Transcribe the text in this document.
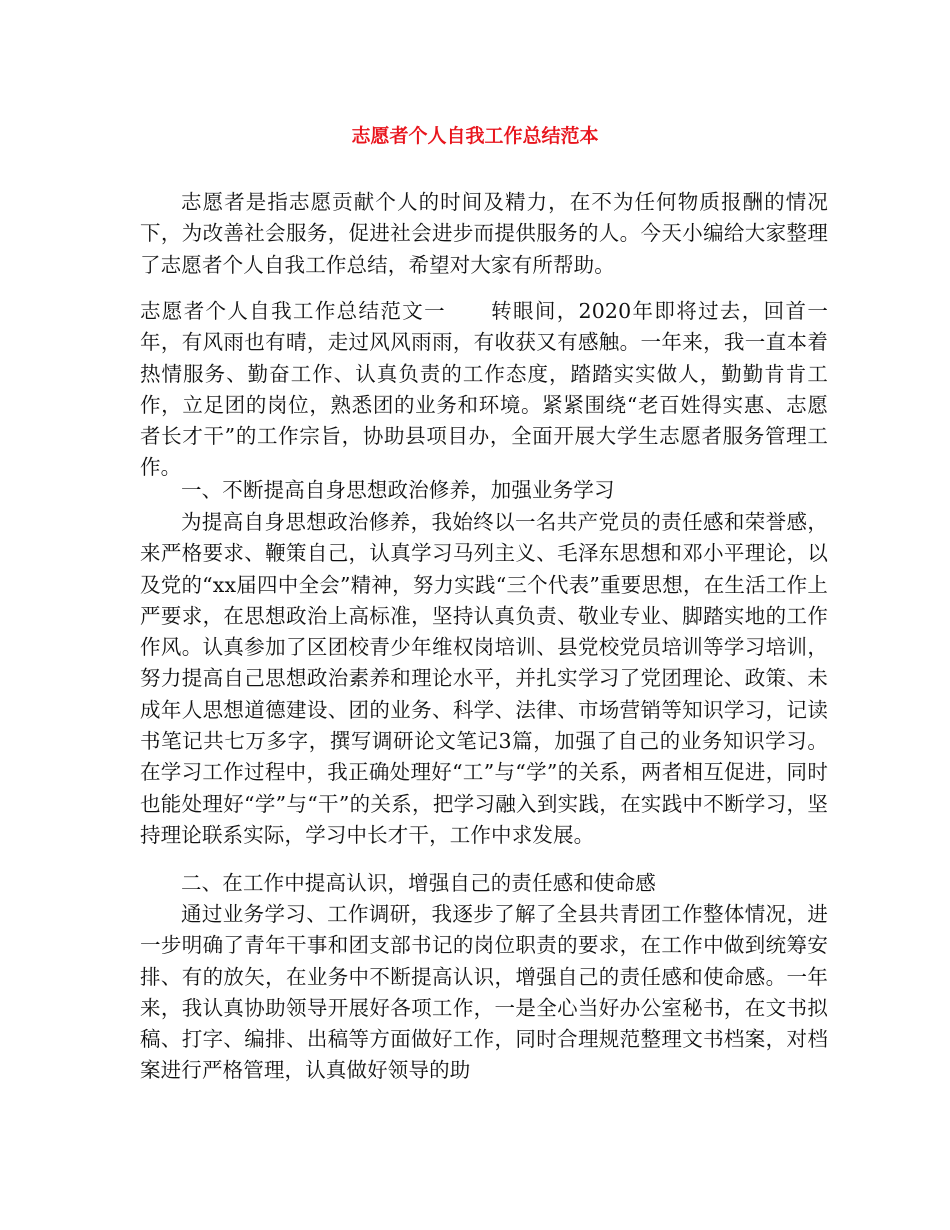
志愿者个人自我工作总结范本

志愿者是指志愿贡献个人的时间及精力，在不为任何物质报酬的情况下，为改善社会服务，促进社会进步而提供服务的人。今天小编给大家整理了志愿者个人自我工作总结，希望对大家有所帮助。

志愿者个人自我工作总结范文一 转眼间，2020年即将过去，回首一年，有风雨也有晴，走过风风雨雨，有收获又有感触。一年来，我一直本着热情服务、勤奋工作、认真负责的工作态度，踏踏实实做人，勤勤肯肯工作，立足团的岗位，熟悉团的业务和环境。紧紧围绕“老百姓得实惠、志愿者长才干”的工作宗旨，协助县项目办，全面开展大学生志愿者服务管理工作。

一、不断提高自身思想政治修养，加强业务学习

为提高自身思想政治修养，我始终以一名共产党员的责任感和荣誉感，来严格要求、鞭策自己，认真学习马列主义、毛泽东思想和邓小平理论，以及党的“xx届四中全会”精神，努力实践“三个代表”重要思想，在生活工作上严要求，在思想政治上高标准，坚持认真负责、敬业专业、脚踏实地的工作作风。认真参加了区团校青少年维权岗培训、县党校党员培训等学习培训，努力提高自己思想政治素养和理论水平，并扎实学习了党团理论、政策、未成年人思想道德建设、团的业务、科学、法律、市场营销等知识学习，记读书笔记共七万多字，撰写调研论文笔记3篇，加强了自己的业务知识学习。在学习工作过程中，我正确处理好“工”与“学”的关系，两者相互促进，同时也能处理好“学”与“干”的关系，把学习融入到实践，在实践中不断学习，坚持理论联系实际，学习中长才干，工作中求发展。

二、在工作中提高认识，增强自己的责任感和使命感

通过业务学习、工作调研，我逐步了解了全县共青团工作整体情况，进一步明确了青年干事和团支部书记的岗位职责的要求，在工作中做到统筹安排、有的放矢，在业务中不断提高认识，增强自己的责任感和使命感。一年来，我认真协助领导开展好各项工作，一是全心当好办公室秘书，在文书拟稿、打字、编排、出稿等方面做好工作，同时合理规范整理文书档案，对档案进行严格管理，认真做好领导的助
